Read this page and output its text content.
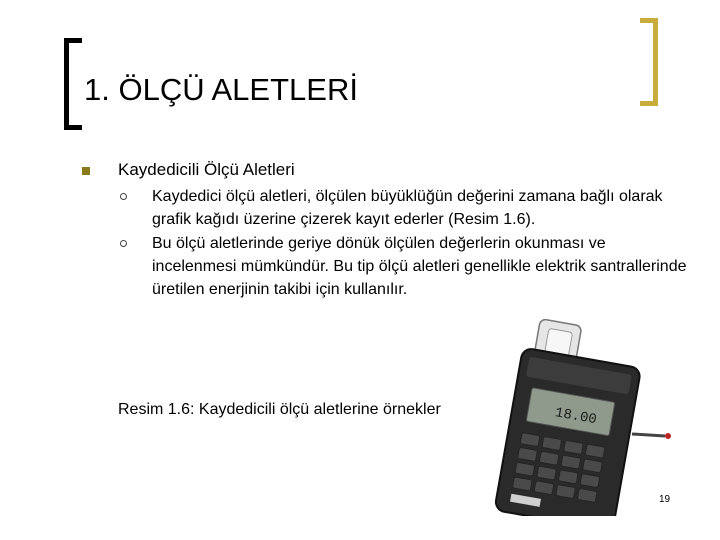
1. ÖLÇÜ ALETLERİ
Kaydedicili Ölçü Aletleri
Kaydedici ölçü aletleri, ölçülen büyüklüğün değerini zamana bağlı olarak grafik kağıdı üzerine çizerek kayıt ederler (Resim 1.6).
Bu ölçü aletlerinde geriye dönük ölçülen değerlerin okunması ve incelenmesi mümkündür. Bu tip ölçü aletleri genellikle elektrik santrallerinde üretilen enerjinin takibi için kullanılır.
18.00
Resim 1.6: Kaydedicili ölçü aletlerine örnekler
19
